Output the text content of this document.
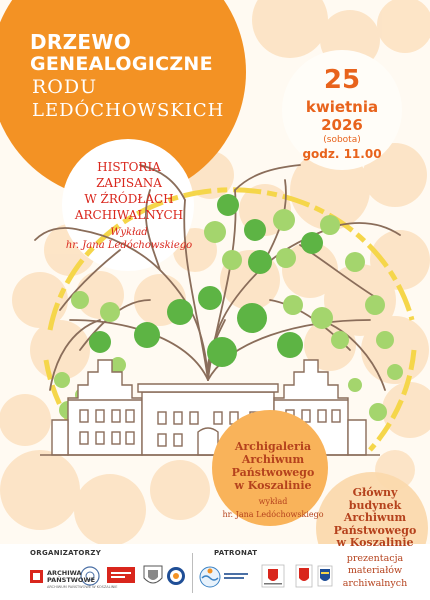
DRZEWO
GENEALOGICZNE
RODU
LEDÓCHOWSKICH
25
kwietnia
2026
(sobota)
godz. 11.00
HISTORIA
ZAPISANA
W ŹRÓDŁACH
ARCHIWALNYCH
Wykład
hr. Jana Ledóchowskiego
Archigaleria
Archiwum
Państwowego
w Koszalinie
wykład
hr. Jana Ledóchowskiego
Główny
budynek
Archiwum
Państwowego
w Koszalinie
prezentacja
materiałów
archiwalnych
ORGANIZATORZY	PATRONAT
ARCHIWA
PAŃSTWOWE
ARCHIWUM PAŃSTWOWE W KOSZALINIE
